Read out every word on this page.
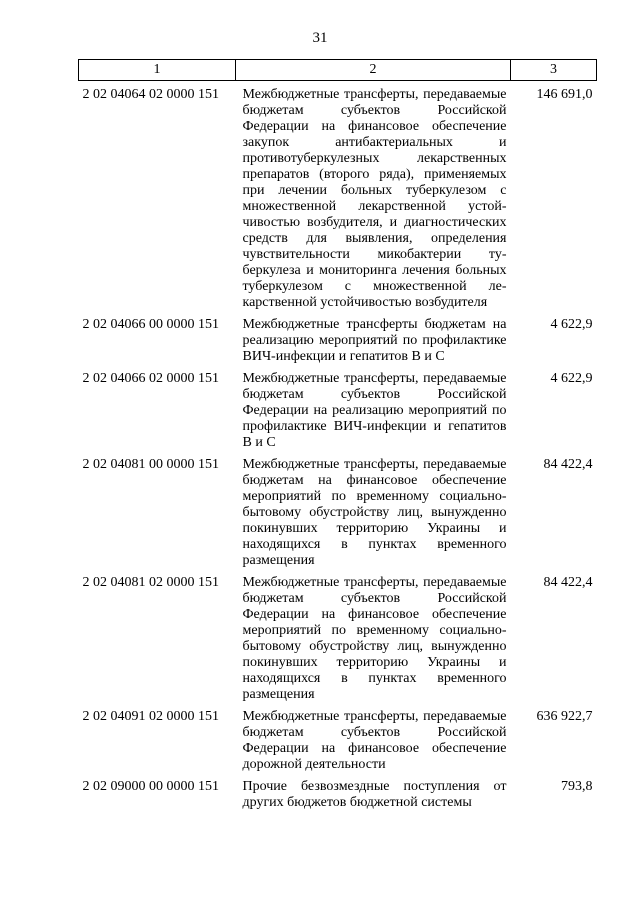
31
1	2	3
2 02 04064 02 0000 151	Межбюджетные трансферты, передаваемые бюджетам субъектов Российской Федерации на финансовое обеспечение закупок антибактериальных и противотуберкулезных лекарственных препаратов (второго ряда), применяемых при лечении больных туберкулезом с множественной лекарственной устойчивостью возбудителя, и диагностических средств для выявления, определения чувствительности микобактерии туберкулеза и мониторинга лечения больных туберкулезом с множественной лекарственной устойчивостью возбудителя	146 691,0
2 02 04066 00 0000 151	Межбюджетные трансферты бюджетам на реализацию мероприятий по профилактике ВИЧ-инфекции и гепатитов В и С	4 622,9
2 02 04066 02 0000 151	Межбюджетные трансферты, передаваемые бюджетам субъектов Российской Федерации на реализацию мероприятий по профилактике ВИЧ-инфекции и гепатитов В и С	4 622,9
2 02 04081 00 0000 151	Межбюджетные трансферты, передаваемые бюджетам на финансовое обеспечение мероприятий по временному социально-бытовому обустройству лиц, вынужденно покинувших территорию Украины и находящихся в пунктах временного размещения	84 422,4
2 02 04081 02 0000 151	Межбюджетные трансферты, передаваемые бюджетам субъектов Российской Федерации на финансовое обеспечение мероприятий по временному социально-бытовому обустройству лиц, вынужденно покинувших территорию Украины и находящихся в пунктах временного размещения	84 422,4
2 02 04091 02 0000 151	Межбюджетные трансферты, передаваемые бюджетам субъектов Российской Федерации на финансовое обеспечение дорожной деятельности	636 922,7
2 02 09000 00 0000 151	Прочие безвозмездные поступления от других бюджетов бюджетной системы	793,8
